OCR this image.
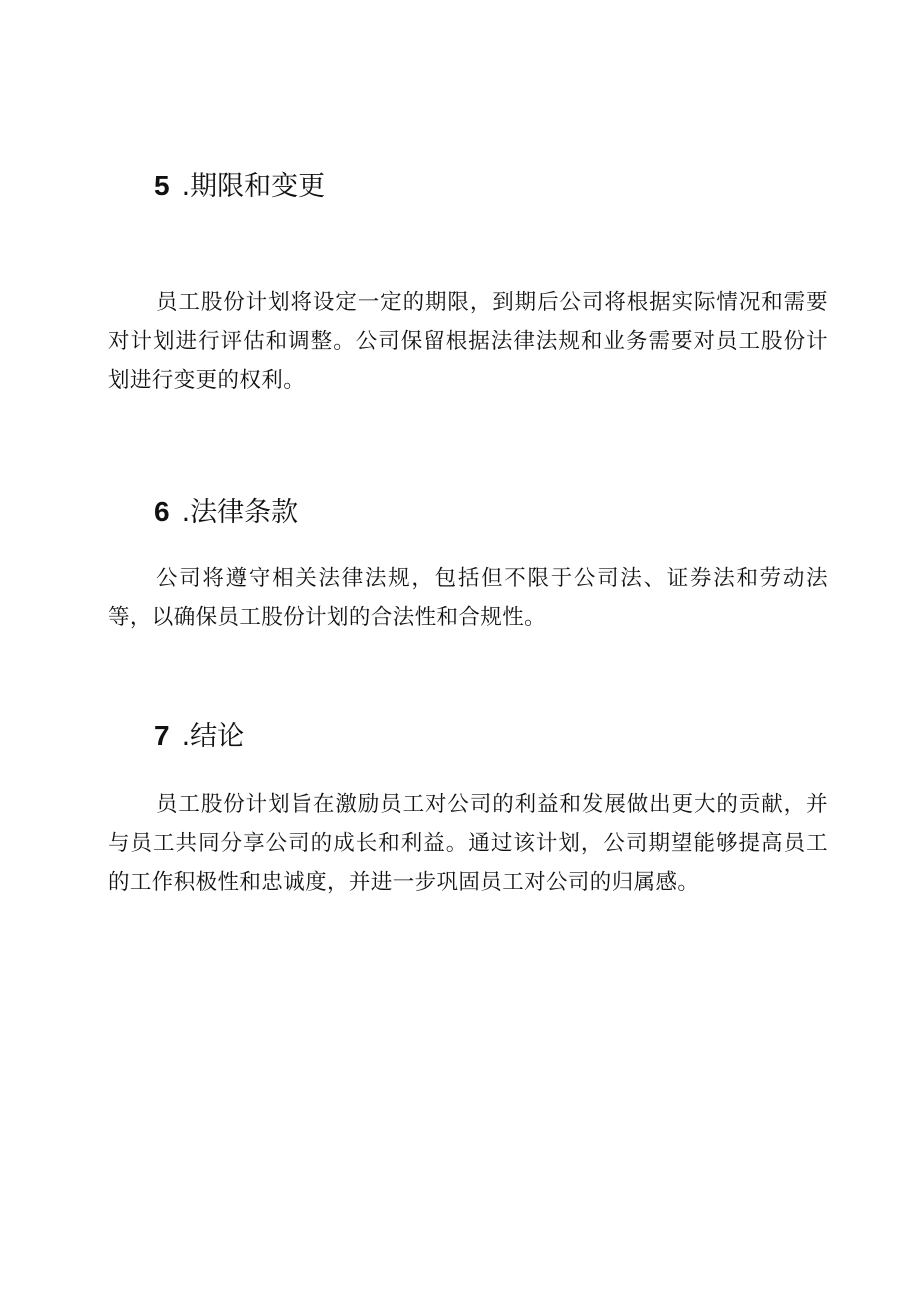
5 .期限和变更

员工股份计划将设定一定的期限，到期后公司将根据实际情况和需要对计划进行评估和调整。公司保留根据法律法规和业务需要对员工股份计划进行变更的权利。

6 .法律条款

公司将遵守相关法律法规，包括但不限于公司法、证券法和劳动法等，以确保员工股份计划的合法性和合规性。

7 .结论

员工股份计划旨在激励员工对公司的利益和发展做出更大的贡献，并与员工共同分享公司的成长和利益。通过该计划，公司期望能够提高员工的工作积极性和忠诚度，并进一步巩固员工对公司的归属感。
